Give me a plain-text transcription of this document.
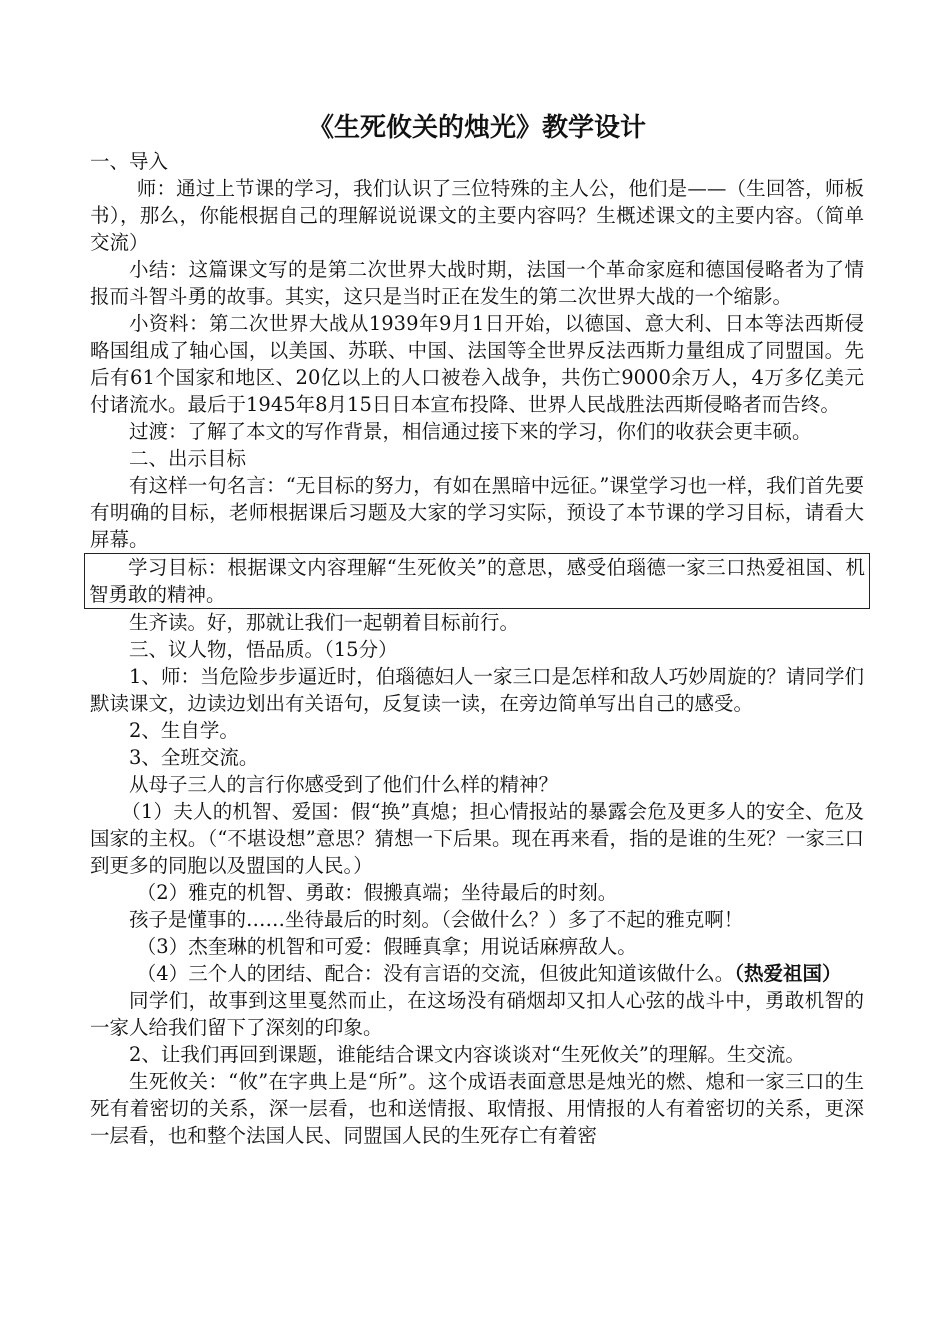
《生死攸关的烛光》教学设计

一、导入

师：通过上节课的学习，我们认识了三位特殊的主人公，他们是——（生回答，师板书），那么，你能根据自己的理解说说课文的主要内容吗？生概述课文的主要内容。（简单交流）

小结：这篇课文写的是第二次世界大战时期，法国一个革命家庭和德国侵略者为了情报而斗智斗勇的故事。其实，这只是当时正在发生的第二次世界大战的一个缩影。

小资料：第二次世界大战从1939年9月1日开始，以德国、意大利、日本等法西斯侵略国组成了轴心国，以美国、苏联、中国、法国等全世界反法西斯力量组成了同盟国。先后有61个国家和地区、20亿以上的人口被卷入战争，共伤亡9000余万人，4万多亿美元付诸流水。最后于1945年8月15日日本宣布投降、世界人民战胜法西斯侵略者而告终。

过渡：了解了本文的写作背景，相信通过接下来的学习，你们的收获会更丰硕。

二、出示目标

有这样一句名言：“无目标的努力，有如在黑暗中远征。”课堂学习也一样，我们首先要有明确的目标，老师根据课后习题及大家的学习实际，预设了本节课的学习目标，请看大屏幕。

学习目标：根据课文内容理解“生死攸关”的意思，感受伯瑙德一家三口热爱祖国、机智勇敢的精神。

生齐读。好，那就让我们一起朝着目标前行。

三、议人物，悟品质。（15分）

1、师：当危险步步逼近时，伯瑙德妇人一家三口是怎样和敌人巧妙周旋的？请同学们默读课文，边读边划出有关语句，反复读一读，在旁边简单写出自己的感受。

2、生自学。

3、全班交流。

从母子三人的言行你感受到了他们什么样的精神？

（1）夫人的机智、爱国：假“换”真熄；担心情报站的暴露会危及更多人的安全、危及国家的主权。（“不堪设想”意思？猜想一下后果。现在再来看，指的是谁的生死？一家三口到更多的同胞以及盟国的人民。）

（2）雅克的机智、勇敢：假搬真端；坐待最后的时刻。

孩子是懂事的……坐待最后的时刻。（会做什么？）多了不起的雅克啊！

（3）杰奎琳的机智和可爱：假睡真拿；用说话麻痹敌人。

（4）三个人的团结、配合：没有言语的交流，但彼此知道该做什么。（热爱祖国）

同学们，故事到这里戛然而止，在这场没有硝烟却又扣人心弦的战斗中，勇敢机智的一家人给我们留下了深刻的印象。

2、让我们再回到课题，谁能结合课文内容谈谈对“生死攸关”的理解。生交流。

生死攸关：“攸”在字典上是“所”。这个成语表面意思是烛光的燃、熄和一家三口的生死有着密切的关系，深一层看，也和送情报、取情报、用情报的人有着密切的关系，更深一层看，也和整个法国人民、同盟国人民的生死存亡有着密
